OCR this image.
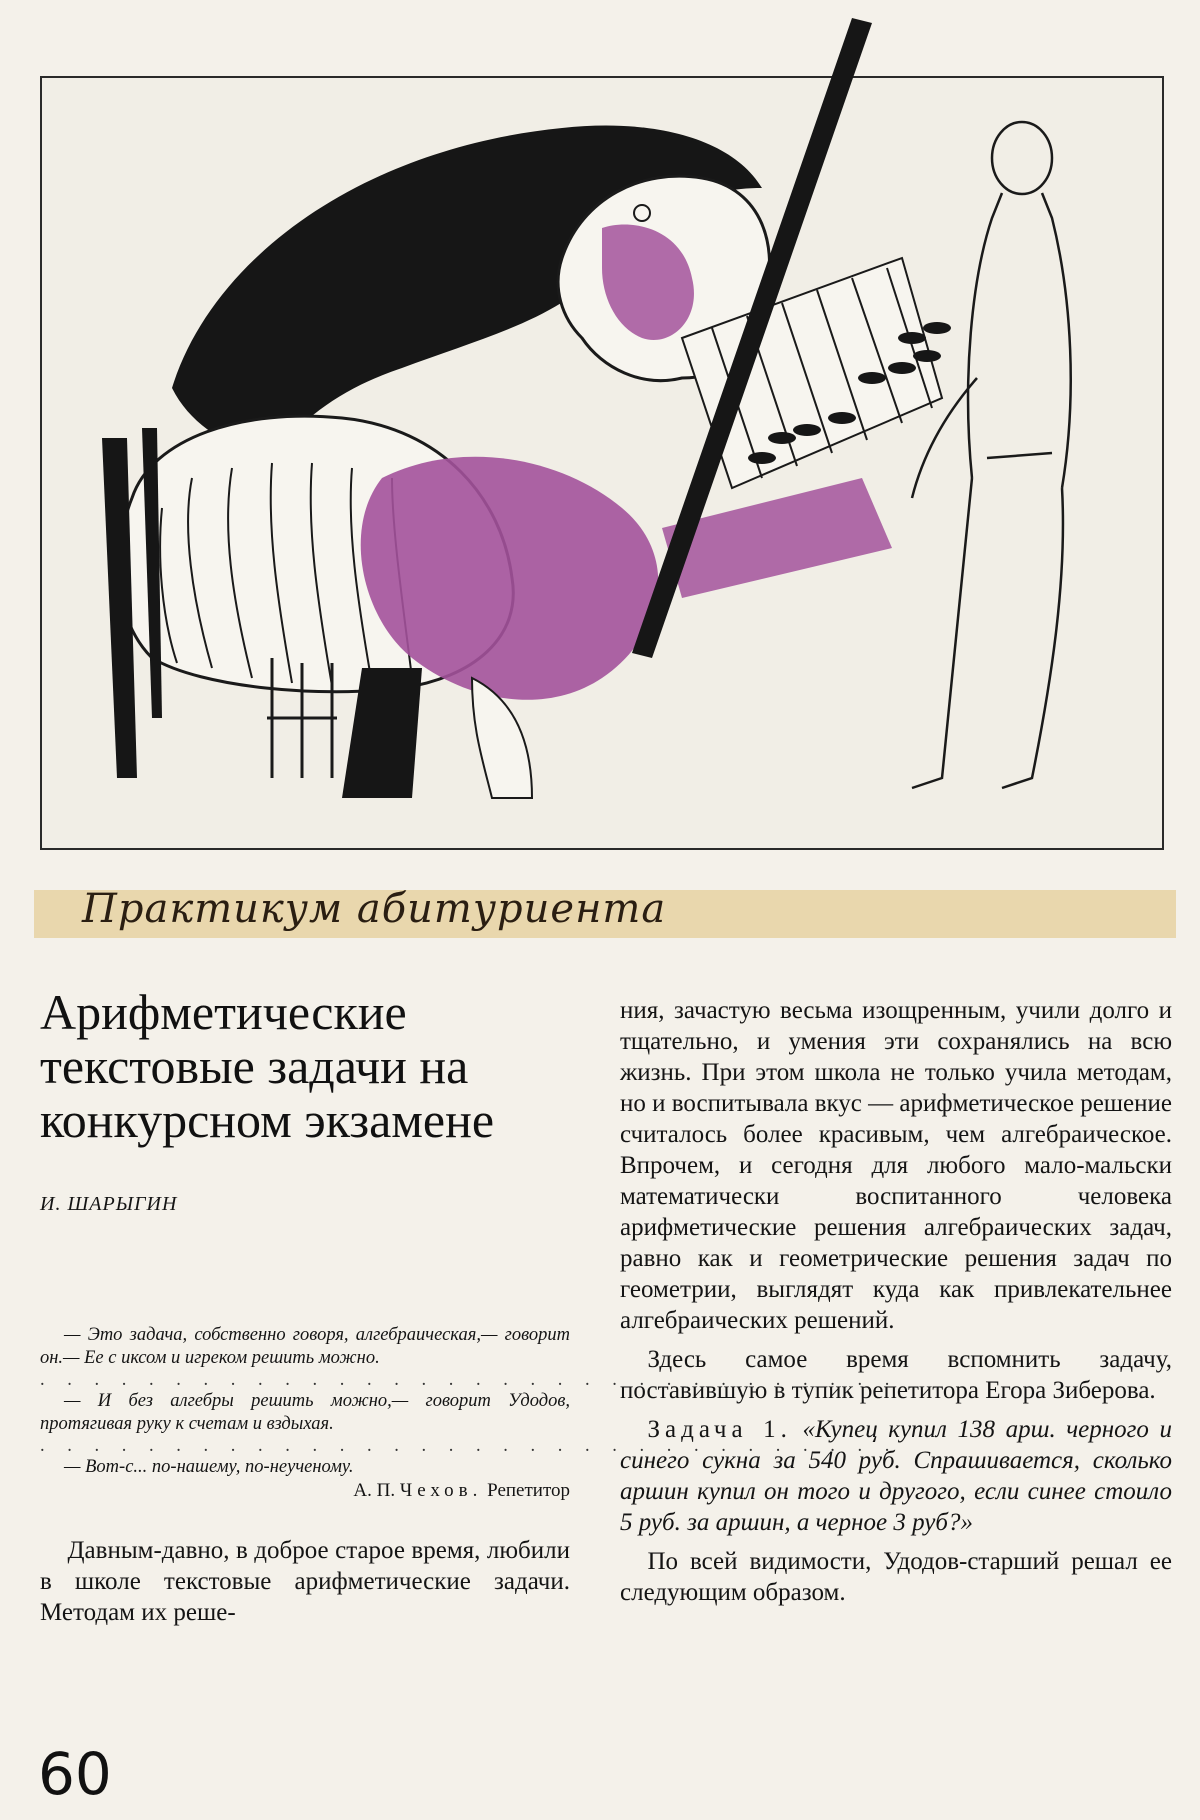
Практикум абитуриента
Арифметические текстовые задачи на конкурсном экзамене
И. ШАРЫГИН
— Это задача, собственно говоря, алгебраическая,— говорит он.— Ее с иксом и игреком решить можно.
. . . . . . . . . . . . . . . . . . . . . . . . . . . . . . . .
— И без алгебры решить можно,— говорит Удодов, протягивая руку к счетам и вздыхая.
. . . . . . . . . . . . . . . . . . . . . . . . . . . . . . . .
— Вот-с... по-нашему, по-неученому.
А. П. Чехов. Репетитор

Давным-давно, в доброе старое время, любили в школе текстовые арифметические задачи. Методам их реше-

ния, зачастую весьма изощренным, учили долго и тщательно, и умения эти сохранялись на всю жизнь. При этом школа не только учила методам, но и воспитывала вкус — арифметическое решение считалось более красивым, чем алгебраическое. Впрочем, и сегодня для любого мало-мальски математически воспитанного человека арифметические решения алгебраических задач, равно как и геометрические решения задач по геометрии, выглядят куда как привлекательнее алгебраических решений.

Здесь самое время вспомнить задачу, поставившую в тупик репетитора Егора Зиберова.

Задача 1. «Купец купил 138 арш. черного и синего сукна за 540 руб. Спрашивается, сколько аршин купил он того и другого, если синее стоило 5 руб. за аршин, а черное 3 руб?»

По всей видимости, Удодов-старший решал ее следующим образом.

60
